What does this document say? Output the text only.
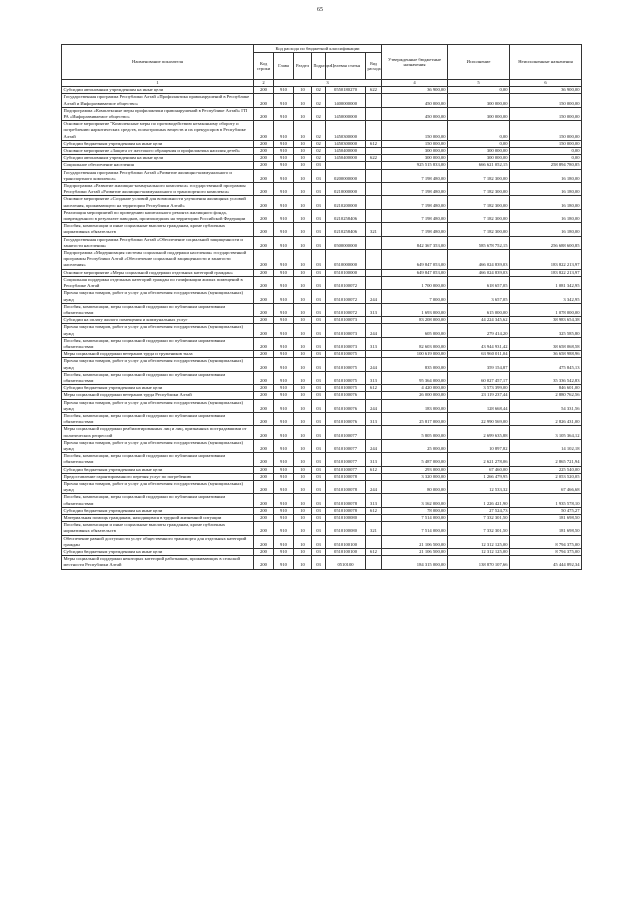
65
Наименование показателя	Код расхода по бюджетной классификации						Утвержденные бюджетные назначения	Исполнение	Неисполненные назначения
	Код строки	Глава	Раздел	Подраздел	Целевая статья	Вид расхода			
1	2	3					4	5	6
Субсидии автономным учреждениям на иные цели	200	910	10	02	0550180270	622	36 900,00	0,00	36 900,00
Государственная программа Республики Алтай «Профилактика правонарушений в Республике Алтай и Инфоразвиваемое общество»	200	910	10	02	1400000000		450 000,00	300 000,00	150 000,00
Подпрограмма «Комплексные меры профилактики правонарушений в Республике Алтай» ГП РА «Инфоразвиваемое общество»	200	910	10	02	1450000000		450 000,00	300 000,00	150 000,00
Основное мероприятие "Комплексные меры по противодействию незаконному обороту и потреблению наркотических средств, психотропных веществ и их прекурсоров в Республике Алтай	200	910	10	02	1450300000		150 000,00	0,00	150 000,00
Субсидии бюджетным учреждениям на иные цели	200	910	10	02	1450300000	612	150 000,00	0,00	150 000,00
Основное мероприятие «Защита от жестокого обращения и профилактика насилия детей»	200	910	10	02	1450400000		300 000,00	300 000,00	0,00
Субсидии автономным учреждениям на иные цели	200	910	10	02	1450400000	622	300 000,00	300 000,00	0,00
Социальное обеспечение населения	200	910	10	03			925 515 833,00	666 621 052,15	258 894 780,85
Государственная программа Республики Алтай «Развитие жилищно-коммунального и транспортного комплекса»	200	910	10	03	0200000000		7 198 480,00	7 182 300,00	16 180,00
Подпрограмма «Развитие жилищно-коммунального комплекса» государственной программы Республики Алтай «Развитие жилищно-коммунального и транспортного комплекса»	200	910	10	03	0210000000		7 198 480,00	7 182 300,00	16 180,00
Основное мероприятие «Создание условий для возможности улучшения жилищных условий населения, проживающего на территории Республики Алтай»	200	910	10	03	0210200000		7 198 480,00	7 182 300,00	16 180,00
Реализация мероприятий по проведению капитального ремонта жилищного фонда, поврежденного в результате паводков, произошедших на территории Российской Федерации	200	910	10	03	0210258406		7 198 480,00	7 182 300,00	16 180,00
Пособия, компенсации и иные социальные выплаты гражданам, кроме публичных нормативных обязательств	200	910	10	03	0210258406	321	7 198 480,00	7 182 300,00	16 180,00
Государственная программа Республики Алтай «Обеспечение социальной защищенности и занятости населения»	200	910	10	03	0500000000		842 367 353,00	585 678 752,15	256 688 600,85
Подпрограмма «Модернизация системы социальной поддержки населения» государственной программы Республики Алтай «Обеспечение социальной защищенности и занятости населения»	200	910	10	03	0510000000		649 847 053,00	466 024 839,03	183 822 213,97
Основное мероприятие «Меры социальной поддержки отдельных категорий граждан»	200	910	10	03	0510100000		649 847 053,00	466 024 839,03	183 822 213,97
Социальная поддержка отдельных категорий граждан по газификации жилых помещений в Республике Алтай	200	910	10	03	0510100072		1 700 000,00	618 657,05	1 081 342,95
Прочая закупка товаров, работ и услуг для обеспечения государственных (муниципальных) нужд	200	910	10	03	0510100072	244	7 000,00	3 657,05	3 342,95
Пособия, компенсации, меры социальной поддержки по публичным нормативным обязательствам	200	910	10	03	0510100072	313	1 693 000,00	615 000,00	1 078 000,00
Субсидии на оплату жилого помещения и коммунальных услуг	200	910	10	03	0510100073		83 208 000,00	44 224 345,62	38 983 654,38
Прочая закупка товаров, работ и услуг для обеспечения государственных (муниципальных) нужд	200	910	10	03	0510100073	244	605 000,00	279 414,20	325 585,80
Пособия, компенсации, меры социальной поддержки по публичным нормативным обязательствам	200	910	10	03	0510100073	313	82 603 000,00	43 944 931,42	38 658 068,58
Меры социальной поддержки ветеранов труда и тружеников тыла	200	910	10	03	0510100075		100 619 000,00	63 960 011,04	36 658 988,96
Прочая закупка товаров, работ и услуг для обеспечения государственных (муниципальных) нужд	200	910	10	03	0510100075	244	835 000,00	359 154,87	475 845,13
Пособия, компенсации, меры социальной поддержки по публичным нормативным обязательствам	200	910	10	03	0510100075	313	95 364 000,00	60 027 457,17	35 336 542,83
Субсидии бюджетным учреждениям на иные цели	200	910	10	03	0510100075	612	4 420 000,00	3 573 399,00	846 601,00
Меры социальной поддержки ветеранов труда Республики Алтай	200	910	10	03	0510100076		26 000 000,00	23 119 237,44	2 880 762,56
Прочая закупка товаров, работ и услуг для обеспечения государственных (муниципальных) нужд	200	910	10	03	0510100076	244	183 000,00	128 668,44	54 331,56
Пособия, компенсации, меры социальной поддержки по публичным нормативным обязательствам	200	910	10	03	0510100076	313	25 817 000,00	22 990 569,00	2 826 431,00
Меры социальной поддержки реабилитированных лиц и лиц, признанных пострадавшими от политических репрессий	200	910	10	03	0510100077		5 805 000,00	2 699 635,88	3 105 364,12
Прочая закупка товаров, работ и услуг для обеспечения государственных (муниципальных) нужд	200	910	10	03	0510100077	244	25 000,00	10 897,82	14 102,18
Пособия, компенсации, меры социальной поддержки по публичным нормативным обязательствам	200	910	10	03	0510100077	313	5 487 000,00	2 621 278,06	2 865 721,94
Субсидии бюджетным учреждениям на иные цели	200	910	10	03	0510100077	612	293 000,00	67 460,00	225 540,00
Предоставление гарантированного перечня услуг по погребению	200	910	10	03	0510100078		3 320 000,00	1 266 479,95	2 053 520,05
Прочая закупка товаров, работ и услуг для обеспечения государственных (муниципальных) нужд	200	910	10	03	0510100078	244	80 000,00	12 533,32	67 466,68
Пособия, компенсации, меры социальной поддержки по публичным нормативным обязательствам	200	910	10	03	0510100078	313	3 162 000,00	1 226 421,90	1 935 578,10
Субсидии бюджетным учреждениям на иные цели	200	910	10	03	0510100078	612	78 000,00	27 524,73	50 475,27
Материальная помощь гражданам, находящимся в трудной жизненной ситуации	200	910	10	03	0510100080		7 514 000,00	7 332 301,50	181 698,50
Пособия, компенсации и иные социальные выплаты гражданам, кроме публичных нормативных обязательств	200	910	10	03	0510100080	321	7 514 000,00	7 332 301,50	181 698,50
Обеспечение равной доступности услуг общественного транспорта для отдельных категорий граждан	200	910	10	03	0510100100		21 106 500,00	12 312 125,00	8 794 375,00
Субсидии бюджетным учреждениям на иные цели	200	910	10	03	0510100100	612	21 106 500,00	12 312 125,00	8 794 375,00
Меры социальной поддержки некоторых категорий работников, проживающих в сельской местности Республики Алтай	200	910	10	03	0510100		184 315 000,00	138 870 107,66	45 444 892,34
